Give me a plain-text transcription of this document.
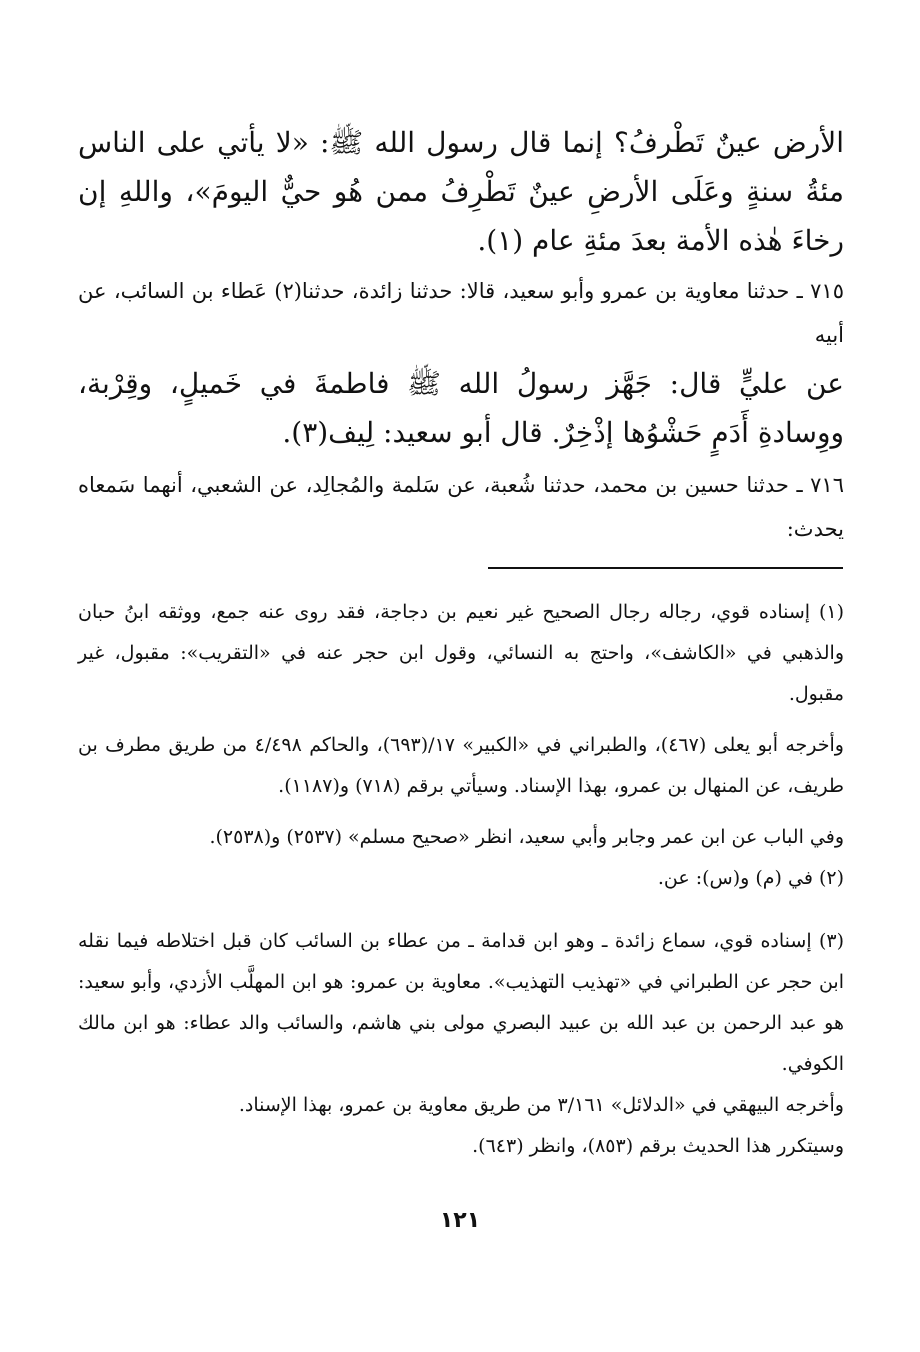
الأرض عينٌ تَطْرفُ؟ إنما قال رسول الله ﷺ: «لا يأتي على الناس مئةُ سنةٍ وعَلَى الأرضِ عينٌ تَطْرِفُ ممن هُو حيٌّ اليومَ»، واللهِ إن رخاءَ هٰذه الأمة بعدَ مئةِ عام (١).

٧١٥ ـ حدثنا معاوية بن عمرو وأبو سعيد، قالا: حدثنا زائدة، حدثنا(٢) عَطاء بن السائب، عن أبيه

عن عليٍّ قال: جَهَّز رسولُ الله ﷺ فاطمةَ في خَميلٍ، وقِرْبة، ووِسادةِ أَدَمٍ حَشْوُها إذْخِرٌ. قال أبو سعيد: لِيف(٣).

٧١٦ ـ حدثنا حسين بن محمد، حدثنا شُعبة، عن سَلمة والمُجالِد، عن الشعبي، أنهما سَمعاه يحدث:

(١) إسناده قوي، رجاله رجال الصحيح غير نعيم بن دجاجة، فقد روى عنه جمع، ووثقه ابنُ حبان والذهبي في «الكاشف»، واحتج به النسائي، وقول ابن حجر عنه في «التقريب»: مقبول، غير مقبول.

وأخرجه أبو يعلى (٤٦٧)، والطبراني في «الكبير» ١٧/(٦٩٣)، والحاكم ٤/٤٩٨ من طريق مطرف بن طريف، عن المنهال بن عمرو، بهذا الإسناد. وسيأتي برقم (٧١٨) و(١١٨٧).

وفي الباب عن ابن عمر وجابر وأبي سعيد، انظر «صحيح مسلم» (٢٥٣٧) و(٢٥٣٨).

(٢) في (م) و(س): عن.

(٣) إسناده قوي، سماع زائدة ـ وهو ابن قدامة ـ من عطاء بن السائب كان قبل اختلاطه فيما نقله ابن حجر عن الطبراني في «تهذيب التهذيب». معاوية بن عمرو: هو ابن المهلَّب الأزدي، وأبو سعيد: هو عبد الرحمن بن عبد الله بن عبيد البصري مولى بني هاشم، والسائب والد عطاء: هو ابن مالك الكوفي.

وأخرجه البيهقي في «الدلائل» ٣/١٦١ من طريق معاوية بن عمرو، بهذا الإسناد.

وسيتكرر هذا الحديث برقم (٨٥٣)، وانظر (٦٤٣).

١٢١
